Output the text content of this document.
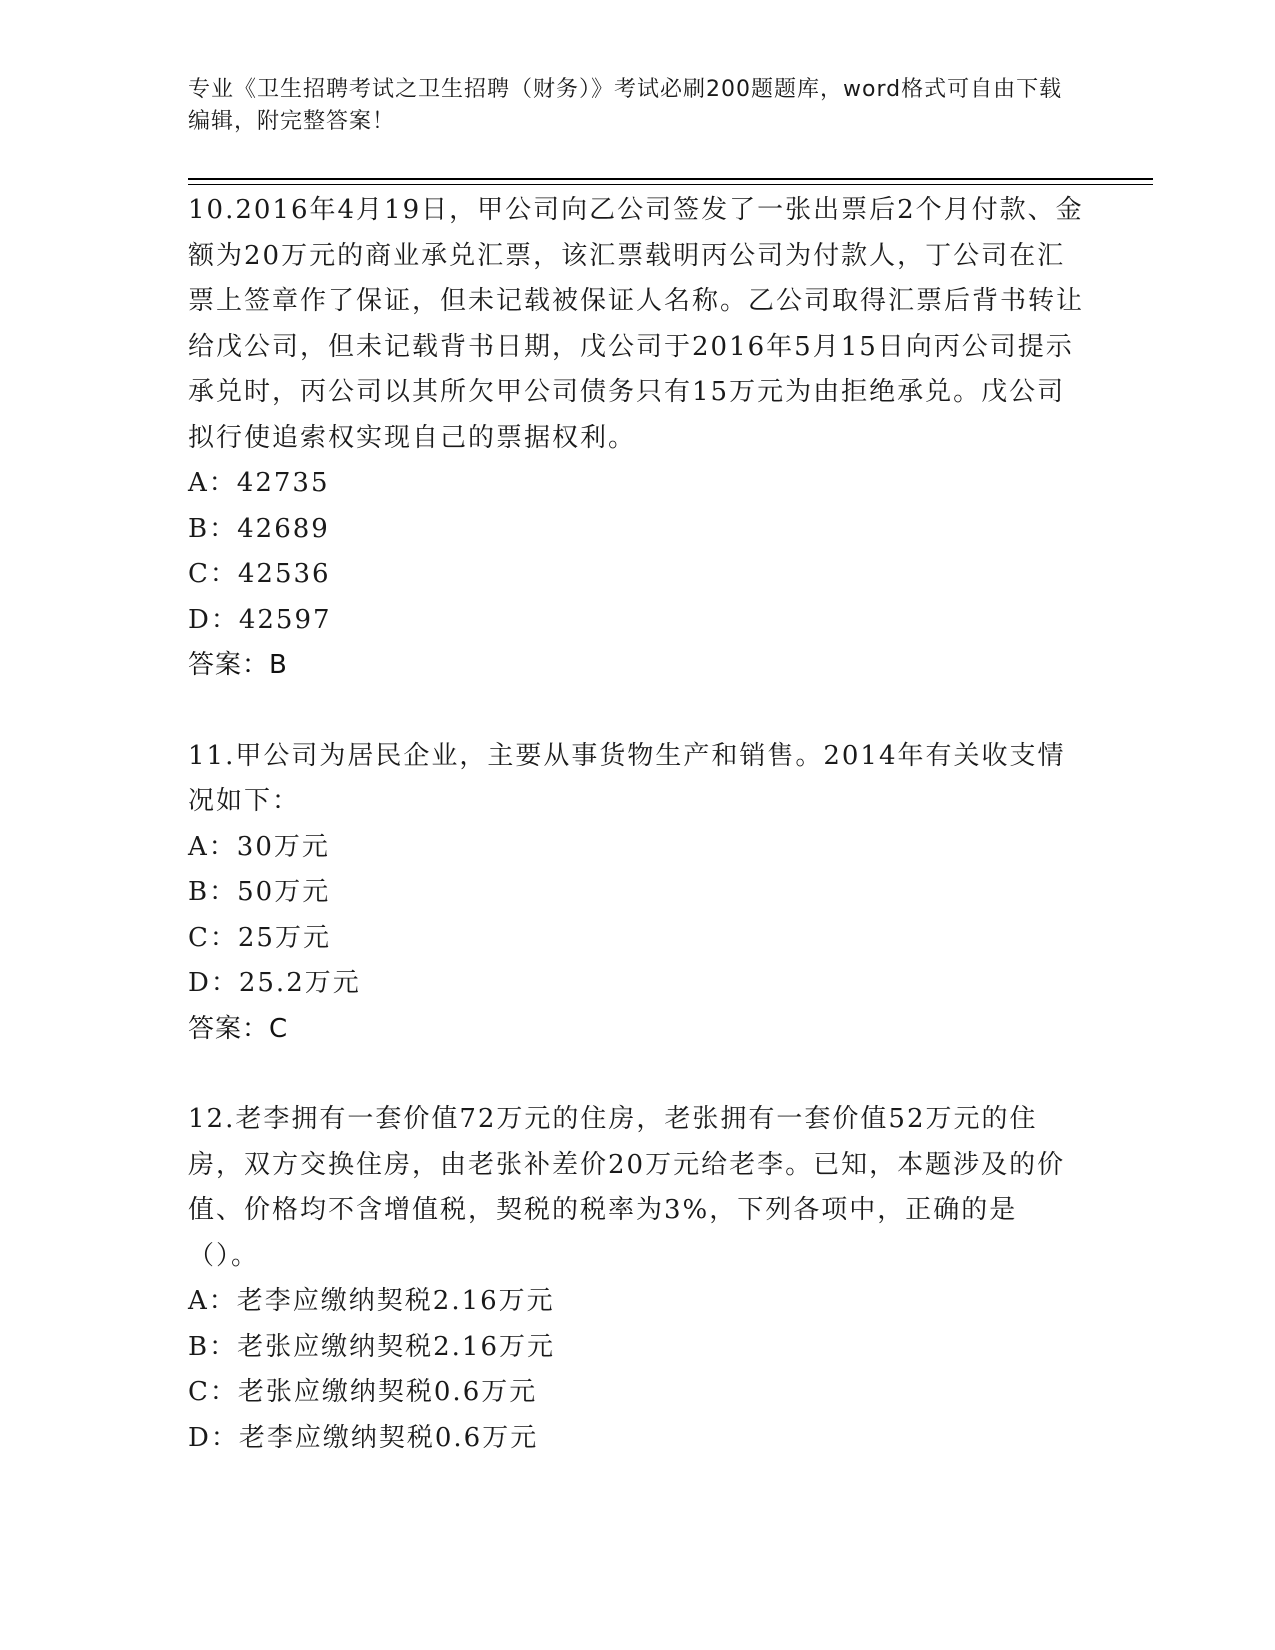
专业《卫生招聘考试之卫生招聘（财务）》考试必刷200题题库，word格式可自由下载编辑，附完整答案！
10.2016年4月19日，甲公司向乙公司签发了一张出票后2个月付款、金额为20万元的商业承兑汇票，该汇票载明丙公司为付款人，丁公司在汇票上签章作了保证，但未记载被保证人名称。乙公司取得汇票后背书转让给戊公司，但未记载背书日期，戊公司于2016年5月15日向丙公司提示承兑时，丙公司以其所欠甲公司债务只有15万元为由拒绝承兑。戊公司拟行使追索权实现自己的票据权利。
A：42735
B：42689
C：42536
D：42597
答案：B
11.甲公司为居民企业，主要从事货物生产和销售。2014年有关收支情况如下：
A：30万元
B：50万元
C：25万元
D：25.2万元
答案：C
12.老李拥有一套价值72万元的住房，老张拥有一套价值52万元的住房，双方交换住房，由老张补差价20万元给老李。已知，本题涉及的价值、价格均不含增值税，契税的税率为3%，下列各项中，正确的是（）。
A：老李应缴纳契税2.16万元
B：老张应缴纳契税2.16万元
C：老张应缴纳契税0.6万元
D：老李应缴纳契税0.6万元
